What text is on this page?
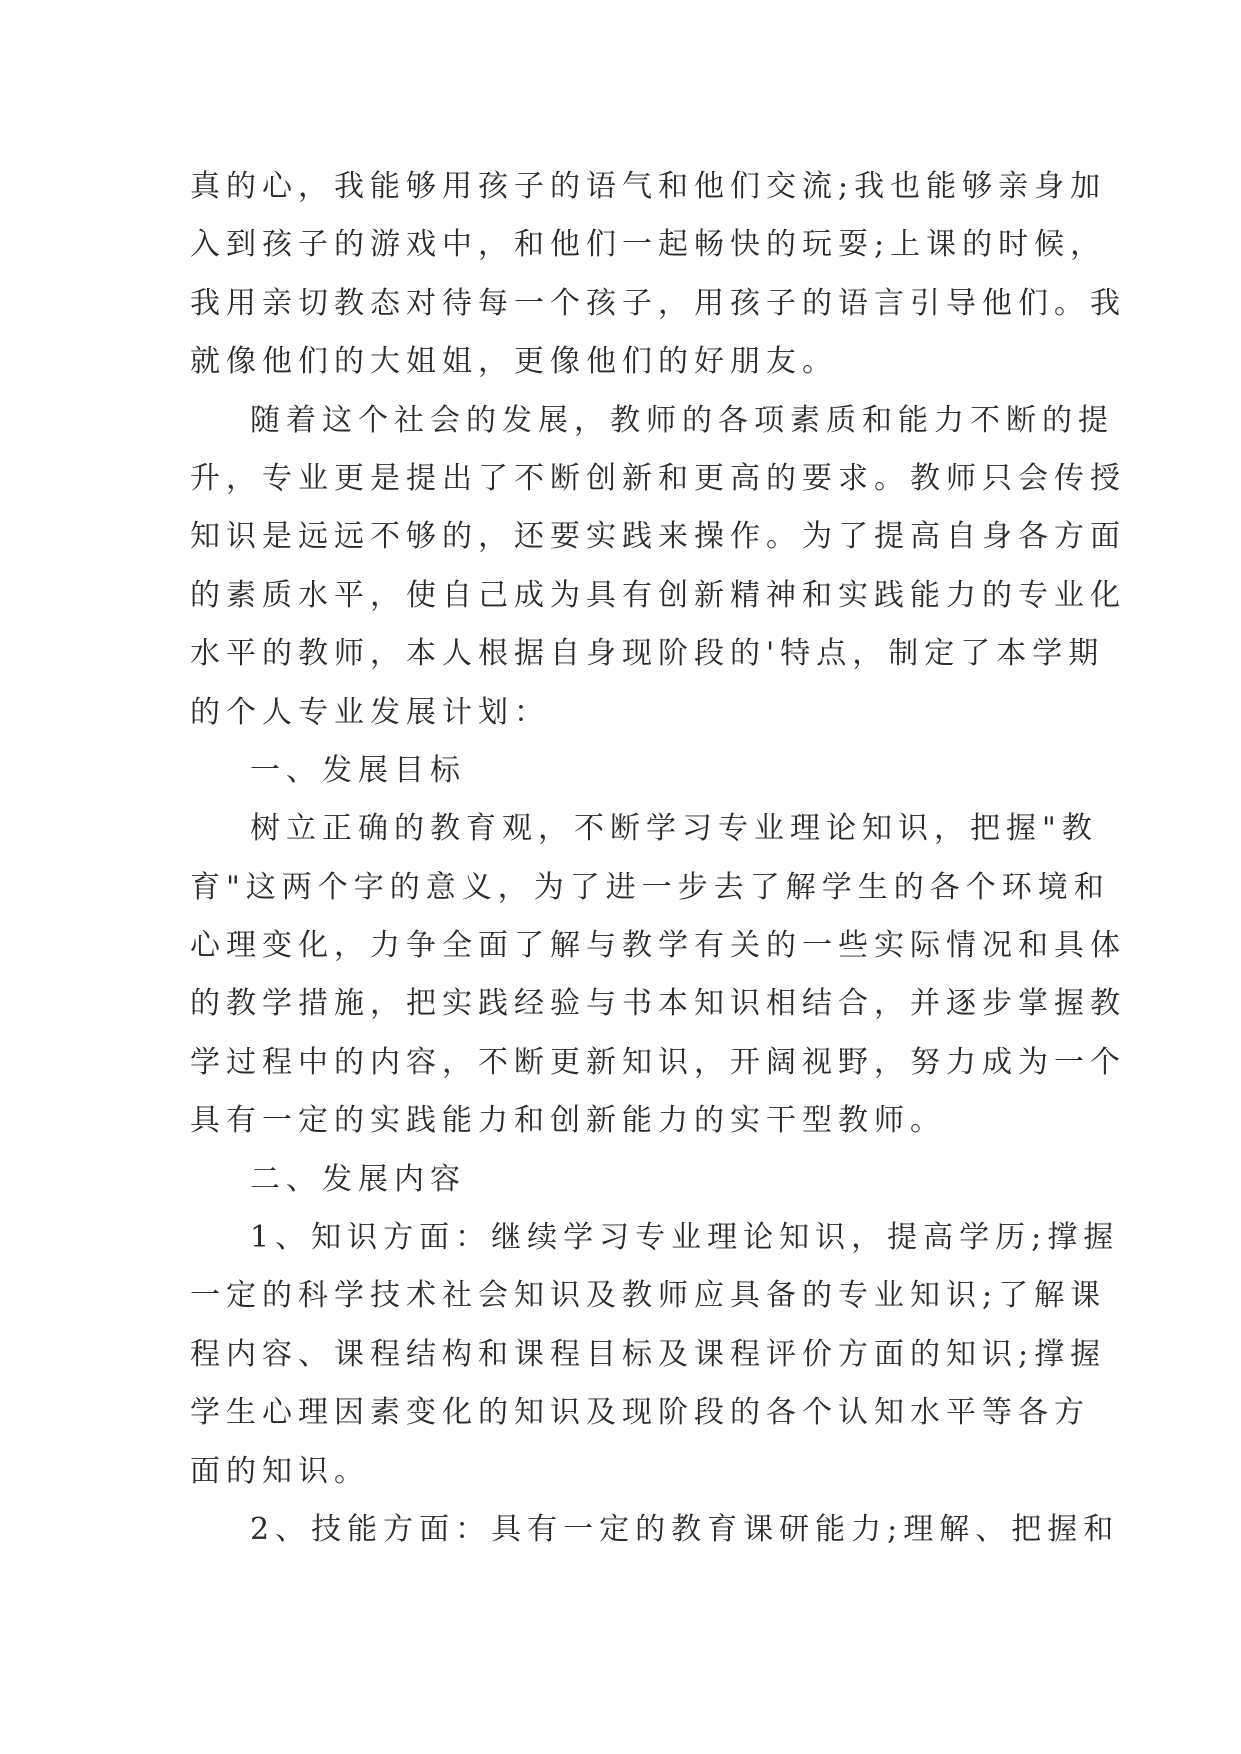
真的心，我能够用孩子的语气和他们交流;我也能够亲身加
入到孩子的游戏中，和他们一起畅快的玩耍;上课的时候，
我用亲切教态对待每一个孩子，用孩子的语言引导他们。我
就像他们的大姐姐，更像他们的好朋友。
随着这个社会的发展，教师的各项素质和能力不断的提
升，专业更是提出了不断创新和更高的要求。教师只会传授
知识是远远不够的，还要实践来操作。为了提高自身各方面
的素质水平，使自己成为具有创新精神和实践能力的专业化
水平的教师，本人根据自身现阶段的'特点，制定了本学期
的个人专业发展计划：
一、发展目标
树立正确的教育观，不断学习专业理论知识，把握"教
育"这两个字的意义，为了进一步去了解学生的各个环境和
心理变化，力争全面了解与教学有关的一些实际情况和具体
的教学措施，把实践经验与书本知识相结合，并逐步掌握教
学过程中的内容，不断更新知识，开阔视野，努力成为一个
具有一定的实践能力和创新能力的实干型教师。
二、发展内容
1、知识方面：继续学习专业理论知识，提高学历;撑握
一定的科学技术社会知识及教师应具备的专业知识;了解课
程内容、课程结构和课程目标及课程评价方面的知识;撑握
学生心理因素变化的知识及现阶段的各个认知水平等各方
面的知识。
2、技能方面：具有一定的教育课研能力;理解、把握和
